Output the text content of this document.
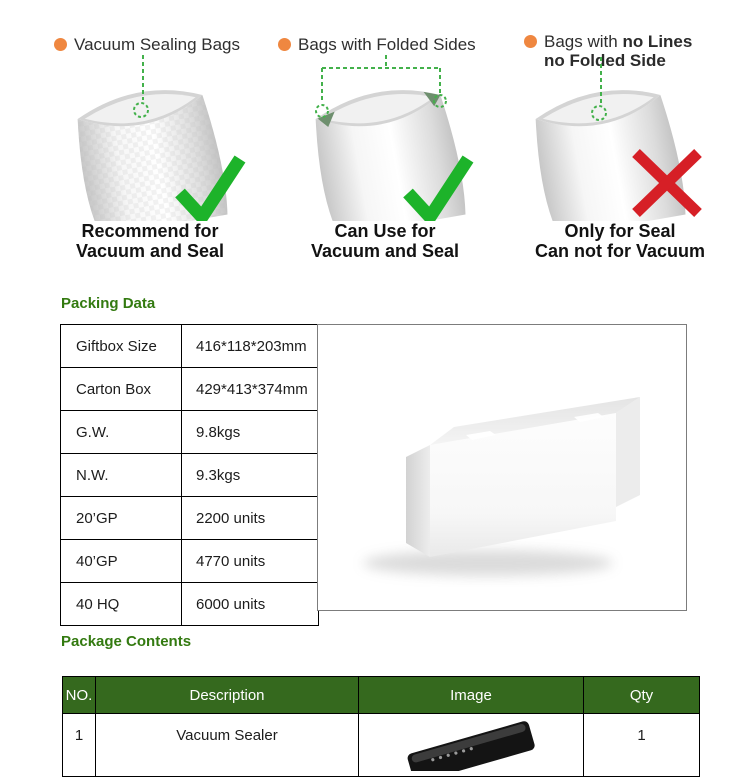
Vacuum Sealing Bags
Recommend for
Vacuum and Seal
Bags with Folded Sides
Can Use for
Vacuum and Seal
Bags with no Lines
no Folded Side
Only for Seal
Can not for Vacuum
Packing Data
Giftbox Size	416*118*203mm
Carton Box	429*413*374mm
G.W.	9.8kgs
N.W.	9.3kgs
20’GP	2200 units
40’GP	4770 units
40 HQ	6000 units
Package Contents
NO.	Description	Image	Qty

1	Vacuum Sealer		1
